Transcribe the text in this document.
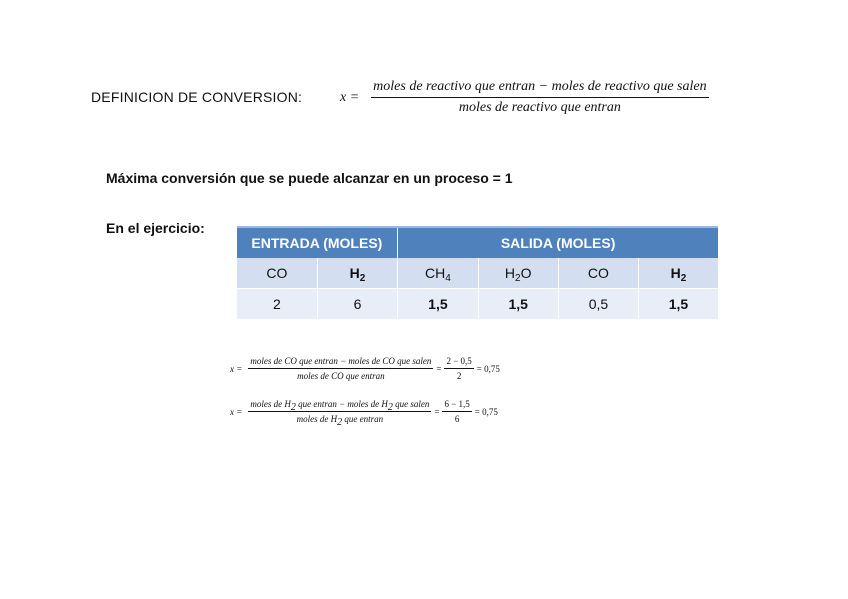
DEFINICION DE CONVERSION:	$x = \frac{\text{moles de reactivo que entran − moles de reactivo que salen}}{\text{moles de reactivo que entran}}$
Máxima conversión que se puede alcanzar en un proceso = 1
En el ejercicio:
ENTRADA (MOLES)		SALIDA (MOLES)			
CO	$H_2$	$CH_4$	$H_2O$	CO	$H_2$
2	6	1,5	1,5	0,5	1,5
$x = \frac{\text{moles de CO que entran − moles de CO que salen}}{\text{moles de CO que entran}} = \frac{2 - 0,5}{2} = 0,75$
$x = \frac{moles de H_2 que entran - moles de H_2 que salen}{moles de H_2 que entran} = \frac{6 - 1,5}{6} = 0,75$
